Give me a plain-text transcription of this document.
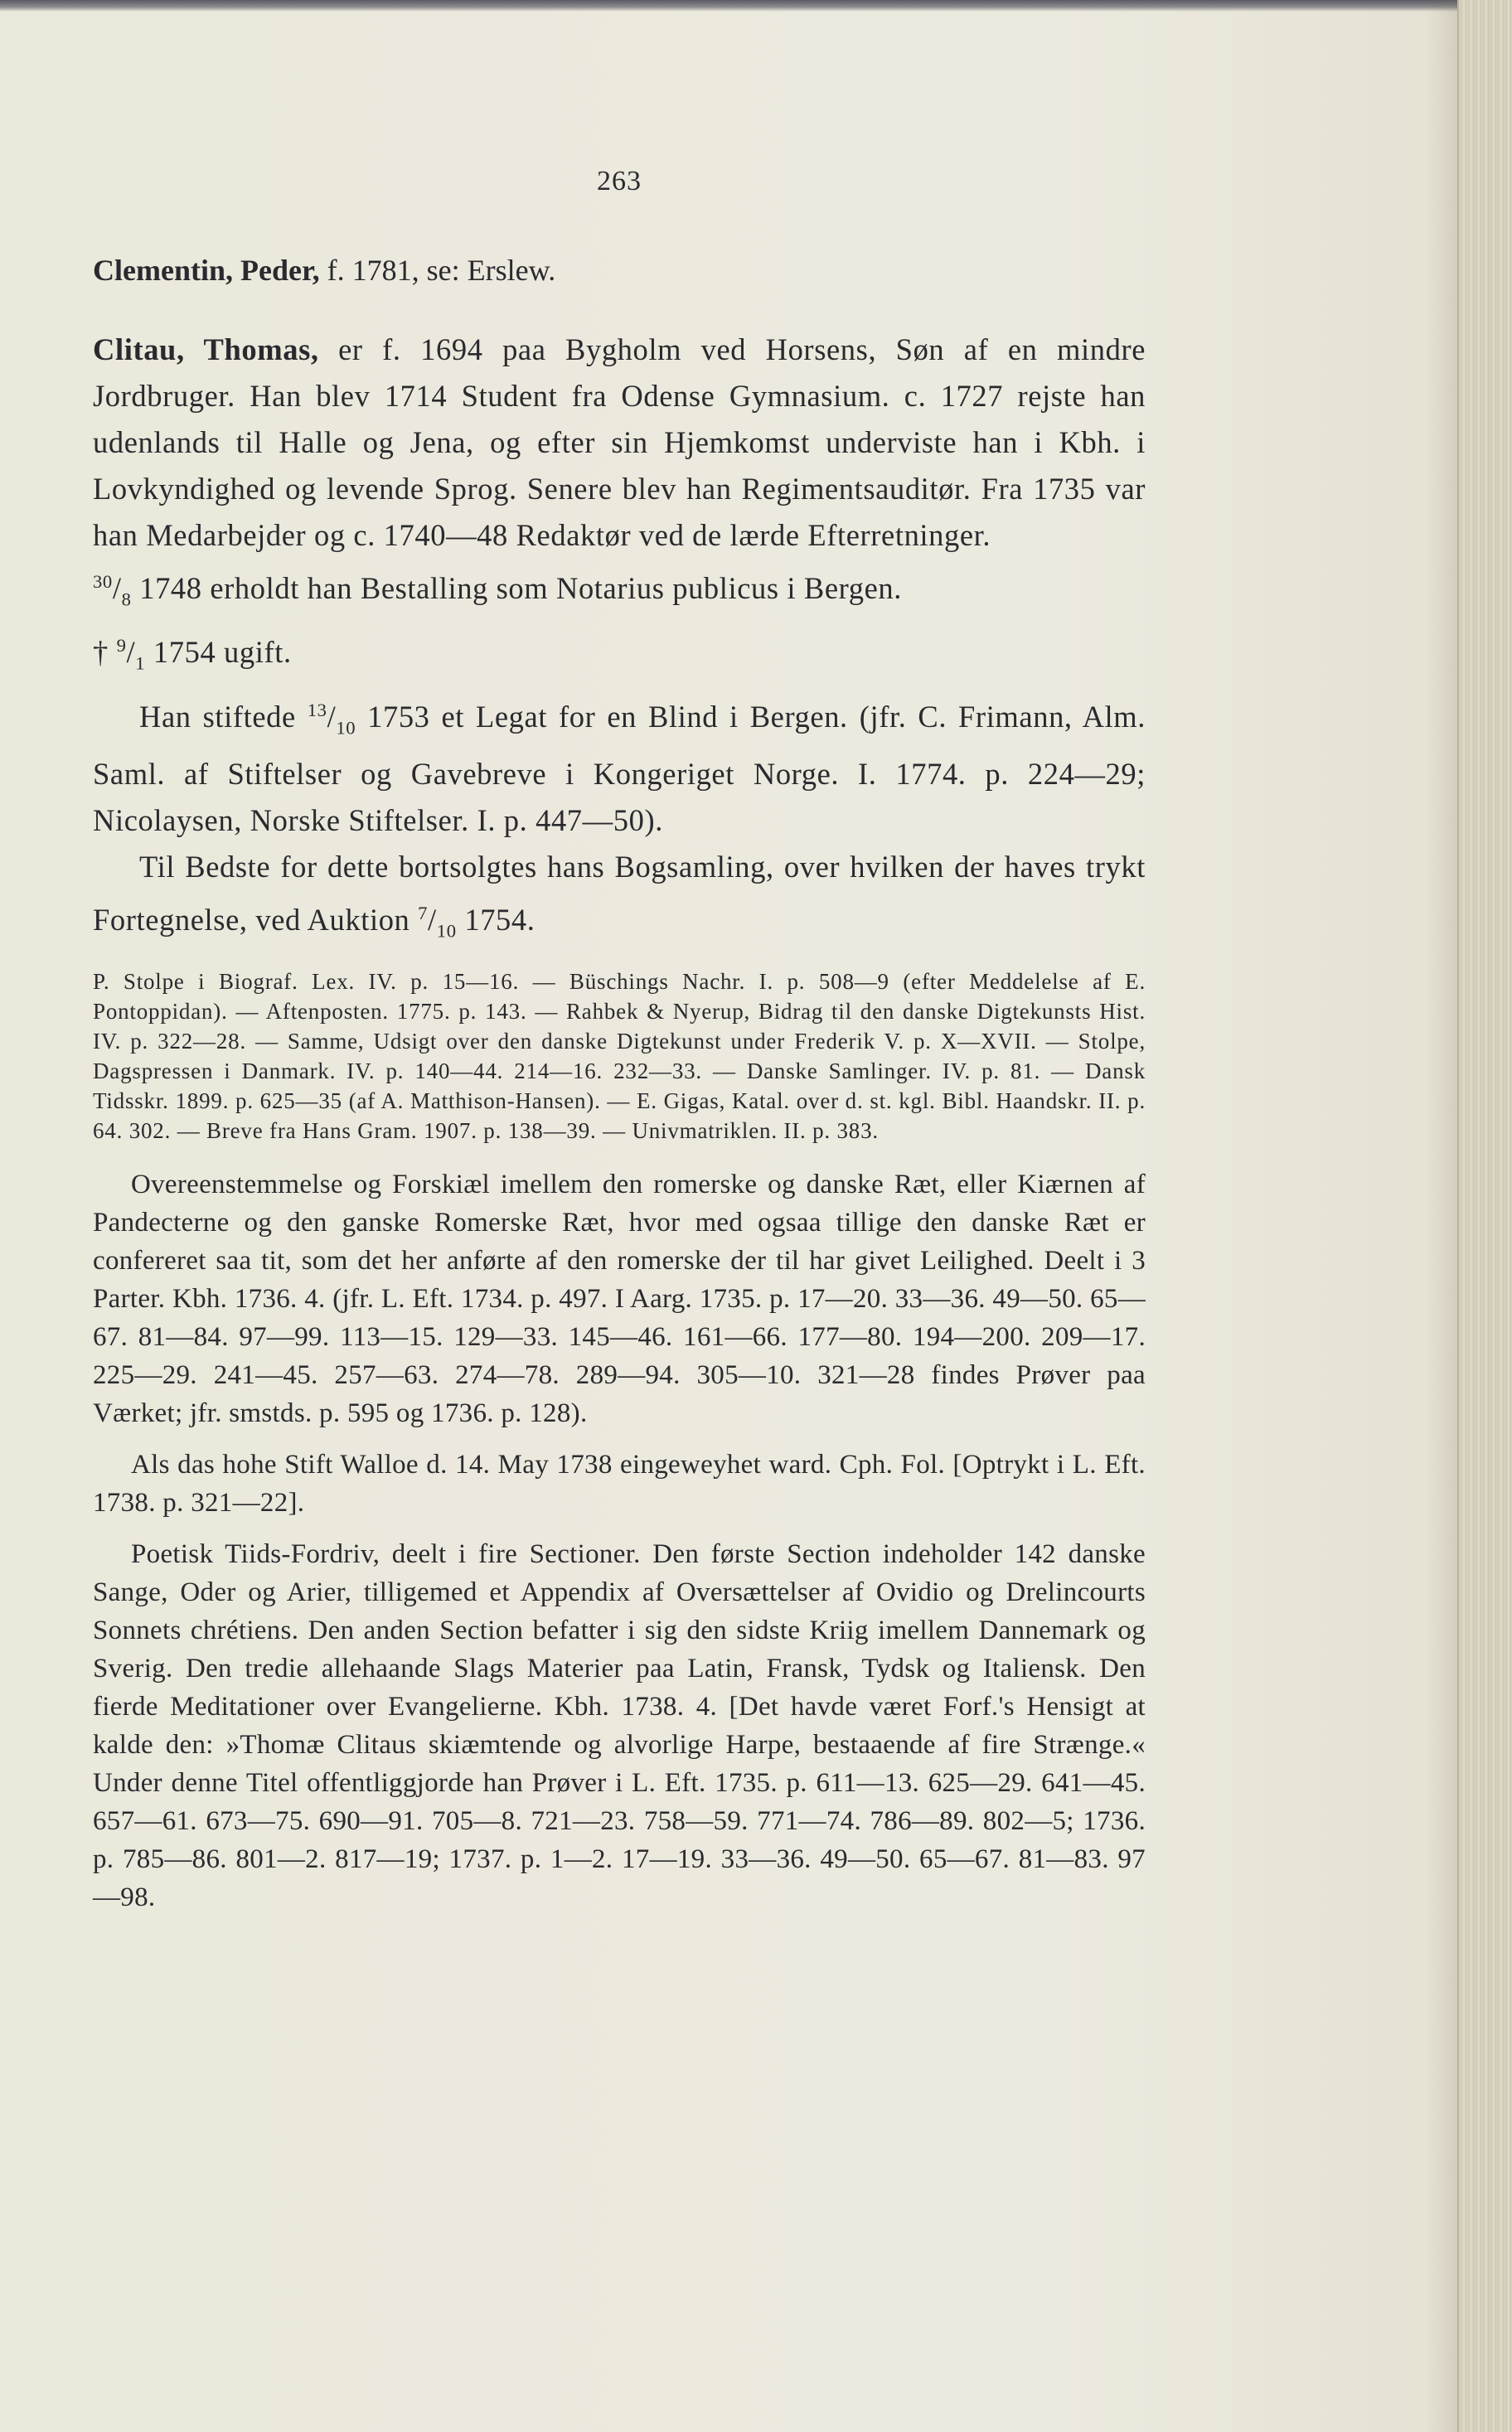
263
Clementin, Peder, f. 1781, se: Erslew.

Clitau, Thomas, er f. 1694 paa Bygholm ved Horsens, Søn af en mindre Jordbruger. Han blev 1714 Student fra Odense Gymnasium. c. 1727 rejste han udenlands til Halle og Jena, og efter sin Hjemkomst underviste han i Kbh. i Lovkyndighed og levende Sprog. Senere blev han Regimentsauditør. Fra 1735 var han Medarbejder og c. 1740—48 Redaktør ved de lærde Efterretninger.
$^{30}/_8$ 1748 erholdt han Bestalling som Notarius publicus i Bergen.
† $^9/_1$ 1754 ugift.

Han stiftede $^{13}/_{10}$ 1753 et Legat for en Blind i Bergen. (jfr. C. Frimann, Alm. Saml. af Stiftelser og Gavebreve i Kongeriget Norge. I. 1774. p. 224—29; Nicolaysen, Norske Stiftelser. I. p. 447—50).

Til Bedste for dette bortsolgtes hans Bogsamling, over hvilken der haves trykt Fortegnelse, ved Auktion $^7/_{10}$ 1754.

P. Stolpe i Biograf. Lex. IV. p. 15—16. — Büschings Nachr. I. p. 508—9 (efter Meddelelse af E. Pontoppidan). — Aftenposten. 1775. p. 143. — Rahbek & Nyerup, Bidrag til den danske Digtekunsts Hist. IV. p. 322—28. — Samme, Udsigt over den danske Digtekunst under Frederik V. p. X—XVII. — Stolpe, Dagspressen i Danmark. IV. p. 140—44. 214—16. 232—33. — Danske Samlinger. IV. p. 81. — Dansk Tidsskr. 1899. p. 625—35 (af A. Matthison-Hansen). — E. Gigas, Katal. over d. st. kgl. Bibl. Haandskr. II. p. 64. 302. — Breve fra Hans Gram. 1907. p. 138—39. — Univmatriklen. II. p. 383.

Overeenstemmelse og Forskiæl imellem den romerske og danske Ræt, eller Kiærnen af Pandecterne og den ganske Romerske Ræt, hvor med ogsaa tillige den danske Ræt er confereret saa tit, som det her anførte af den romerske der til har givet Leilighed. Deelt i 3 Parter. Kbh. 1736. 4. (jfr. L. Eft. 1734. p. 497. I Aarg. 1735. p. 17—20. 33—36. 49—50. 65—67. 81—84. 97—99. 113—15. 129—33. 145—46. 161—66. 177—80. 194—200. 209—17. 225—29. 241—45. 257—63. 274—78. 289—94. 305—10. 321—28 findes Prøver paa Værket; jfr. smstds. p. 595 og 1736. p. 128).

Als das hohe Stift Walloe d. 14. May 1738 eingeweyhet ward. Cph. Fol. [Optrykt i L. Eft. 1738. p. 321—22].

Poetisk Tiids-Fordriv, deelt i fire Sectioner. Den første Section indeholder 142 danske Sange, Oder og Arier, tilligemed et Appendix af Oversættelser af Ovidio og Drelincourts Sonnets chrétiens. Den anden Section befatter i sig den sidste Kriig imellem Dannemark og Sverig. Den tredie allehaande Slags Materier paa Latin, Fransk, Tydsk og Italiensk. Den fierde Meditationer over Evangelierne. Kbh. 1738. 4. [Det havde været Forf.'s Hensigt at kalde den: »Thomæ Clitaus skiæmtende og alvorlige Harpe, bestaaende af fire Strænge.« Under denne Titel offentliggjorde han Prøver i L. Eft. 1735. p. 611—13. 625—29. 641—45. 657—61. 673—75. 690—91. 705—8. 721—23. 758—59. 771—74. 786—89. 802—5; 1736. p. 785—86. 801—2. 817—19; 1737. p. 1—2. 17—19. 33—36. 49—50. 65—67. 81—83. 97—98.
